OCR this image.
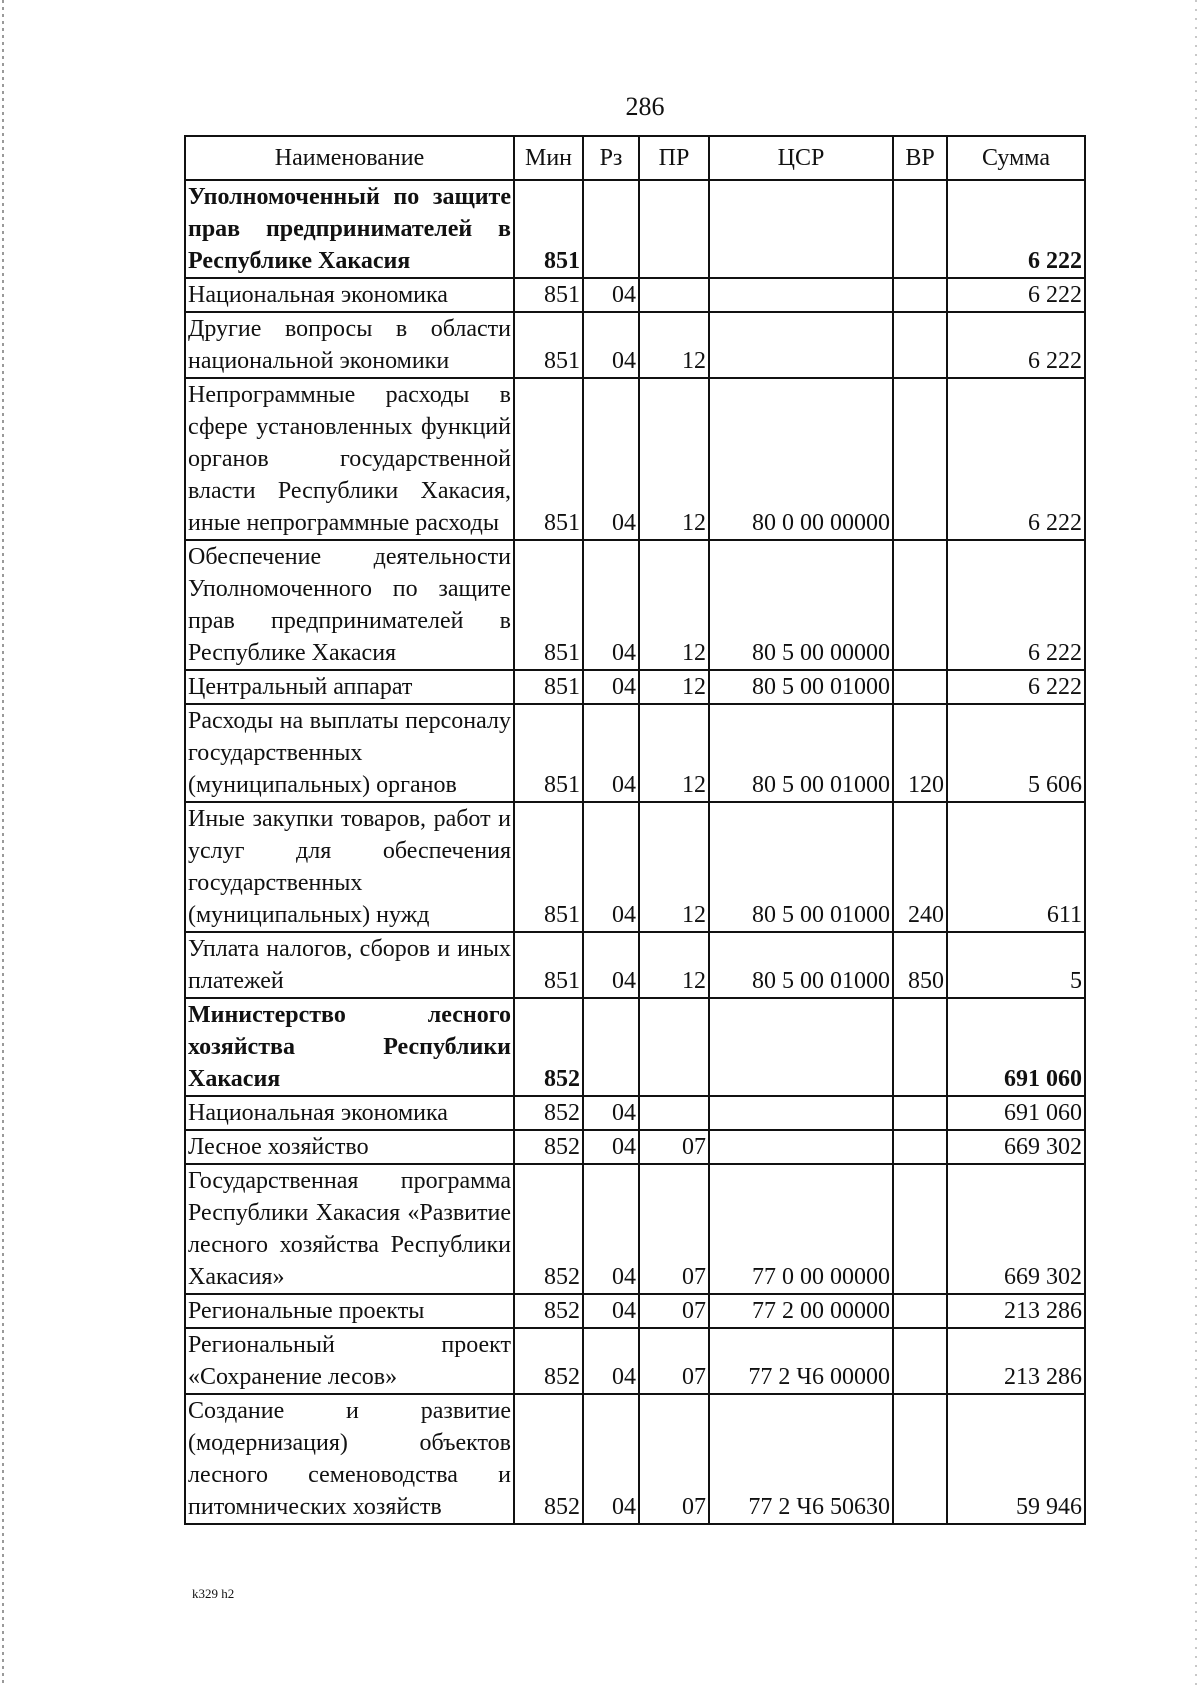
286
Наименование	Мин	Рз	ПР	ЦСР	ВР	Сумма
Уполномоченный по защите прав предпринимателей в Республике Хакасия	851					6 222
Национальная экономика	851	04				6 222
Другие вопросы в области национальной экономики	851	04	12			6 222
Непрограммные расходы в сфере установленных функций органов государственной власти Республики Хакасия, иные непрограммные расходы	851	04	12	80 0 00 00000		6 222
Обеспечение деятельности Уполномоченного по защите прав предпринимателей в Республике Хакасия	851	04	12	80 5 00 00000		6 222
Центральный аппарат	851	04	12	80 5 00 01000		6 222
Расходы на выплаты персоналу государственных (муниципальных) органов	851	04	12	80 5 00 01000	120	5 606
Иные закупки товаров, работ и услуг для обеспечения государственных (муниципальных) нужд	851	04	12	80 5 00 01000	240	611
Уплата налогов, сборов и иных платежей	851	04	12	80 5 00 01000	850	5
Министерство лесного хозяйства Республики Хакасия	852					691 060
Национальная экономика	852	04				691 060
Лесное хозяйство	852	04	07			669 302
Государственная программа Республики Хакасия «Развитие лесного хозяйства Республики Хакасия»	852	04	07	77 0 00 00000		669 302
Региональные проекты	852	04	07	77 2 00 00000		213 286
Региональный проект «Сохранение лесов»	852	04	07	77 2 Ч6 00000		213 286
Создание и развитие (модернизация) объектов лесного семеноводства и питомнических хозяйств	852	04	07	77 2 Ч6 50630		59 946
k329 h2
